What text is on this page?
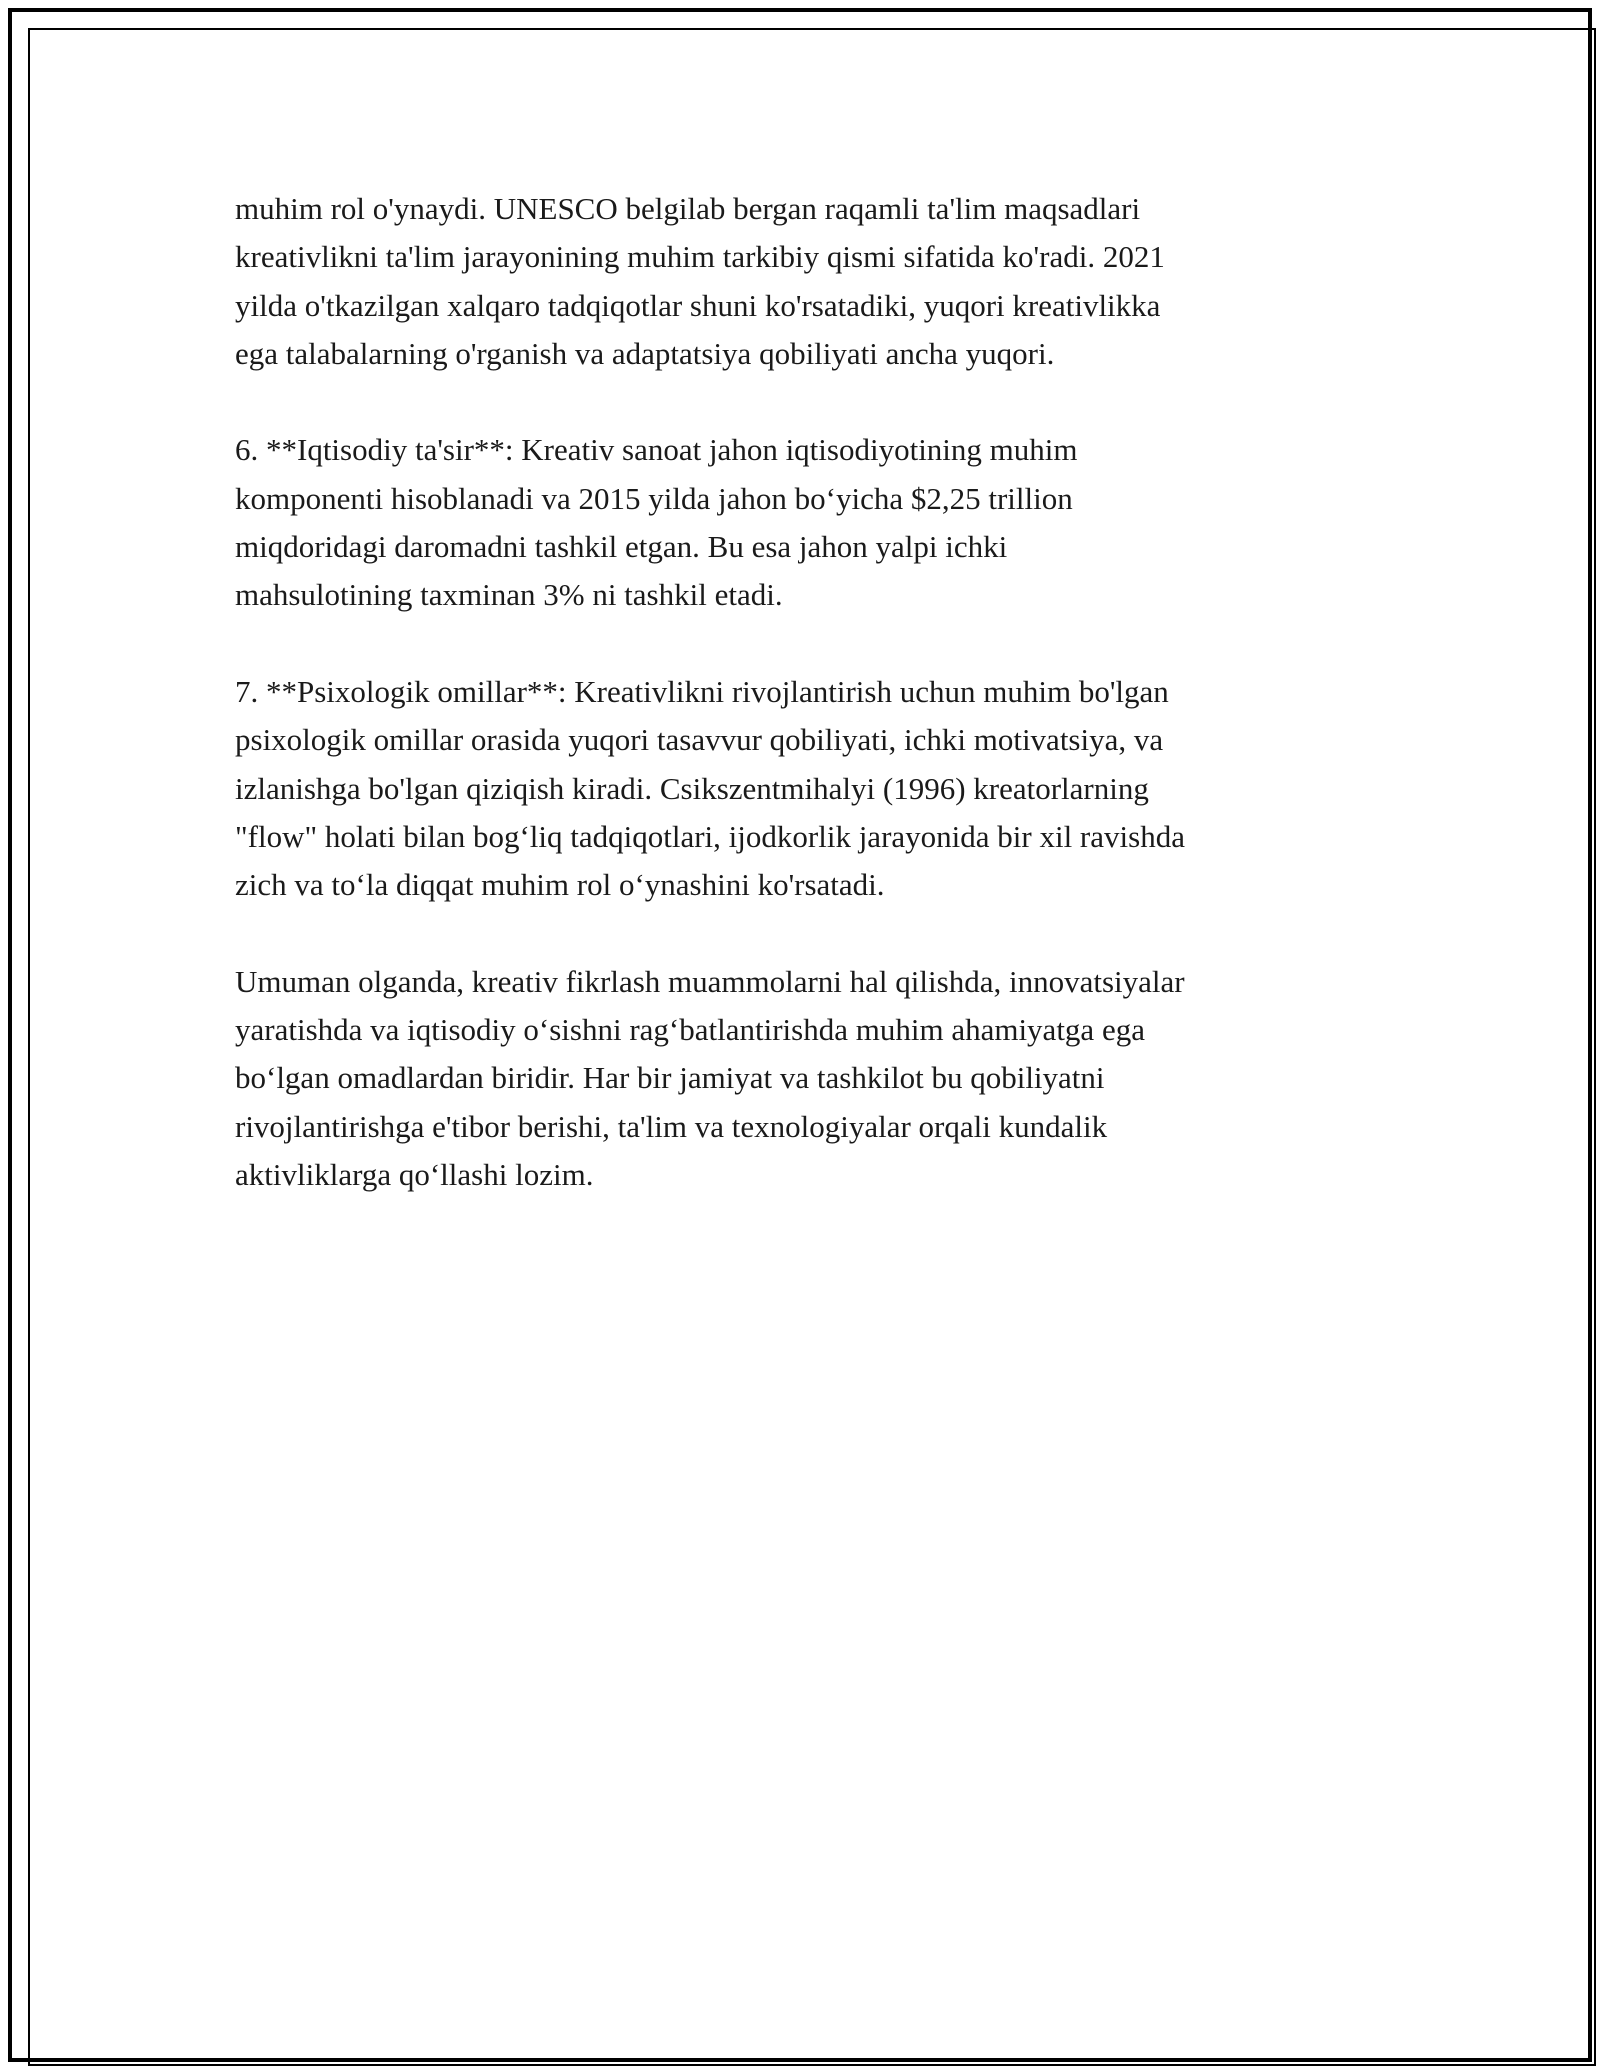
muhim rol o'ynaydi. UNESCO belgilab bergan raqamli ta'lim maqsadlari
kreativlikni ta'lim jarayonining muhim tarkibiy qismi sifatida ko'radi. 2021
yilda o'tkazilgan xalqaro tadqiqotlar shuni ko'rsatadiki, yuqori kreativlikka
ega talabalarning o'rganish va adaptatsiya qobiliyati ancha yuqori.
6. **Iqtisodiy ta'sir**: Kreativ sanoat jahon iqtisodiyotining muhim
komponenti hisoblanadi va 2015 yilda jahon bo‘yicha $2,25 trillion
miqdoridagi daromadni tashkil etgan. Bu esa jahon yalpi ichki
mahsulotining taxminan 3% ni tashkil etadi.
7. **Psixologik omillar**: Kreativlikni rivojlantirish uchun muhim bo'lgan
psixologik omillar orasida yuqori tasavvur qobiliyati, ichki motivatsiya, va
izlanishga bo'lgan qiziqish kiradi. Csikszentmihalyi (1996) kreatorlarning
"flow" holati bilan bog‘liq tadqiqotlari, ijodkorlik jarayonida bir xil ravishda
zich va to‘la diqqat muhim rol o‘ynashini ko'rsatadi.
Umuman olganda, kreativ fikrlash muammolarni hal qilishda, innovatsiyalar
yaratishda va iqtisodiy o‘sishni rag‘batlantirishda muhim ahamiyatga ega
bo‘lgan omadlardan biridir. Har bir jamiyat va tashkilot bu qobiliyatni
rivojlantirishga e'tibor berishi, ta'lim va texnologiyalar orqali kundalik
aktivliklarga qo‘llashi lozim.
